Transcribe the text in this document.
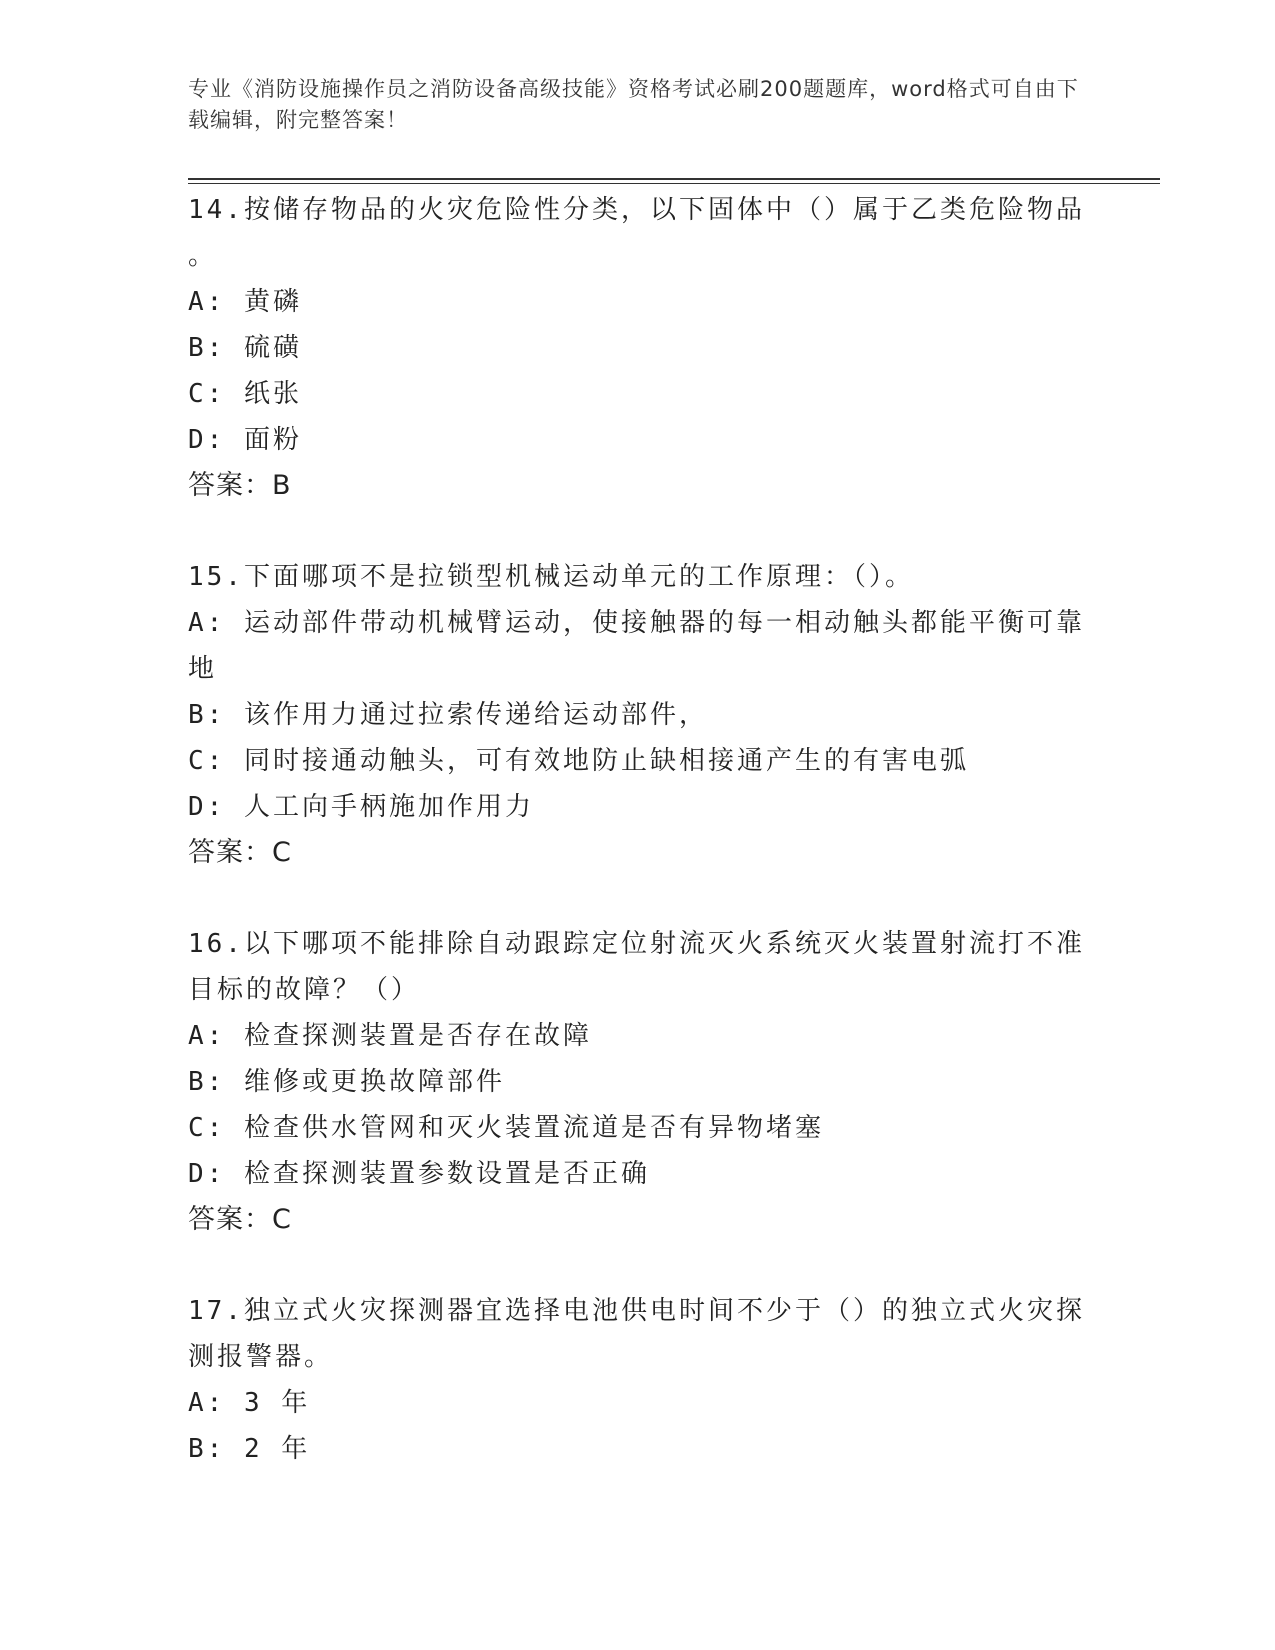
专业《消防设施操作员之消防设备高级技能》资格考试必刷200题题库，word格式可自由下载编辑，附完整答案！
14.按储存物品的火灾危险性分类，以下固体中（）属于乙类危险物品
。
A: 黄磷
B: 硫磺
C: 纸张
D: 面粉
答案：B
15.下面哪项不是拉锁型机械运动单元的工作原理：（）。
A: 运动部件带动机械臂运动，使接触器的每一相动触头都能平衡可靠
地
B: 该作用力通过拉索传递给运动部件，
C: 同时接通动触头，可有效地防止缺相接通产生的有害电弧
D: 人工向手柄施加作用力
答案：C
16.以下哪项不能排除自动跟踪定位射流灭火系统灭火装置射流打不准
目标的故障？（）
A: 检查探测装置是否存在故障
B: 维修或更换故障部件
C: 检查供水管网和灭火装置流道是否有异物堵塞
D: 检查探测装置参数设置是否正确
答案：C
17.独立式火灾探测器宜选择电池供电时间不少于（）的独立式火灾探
测报警器。
A: 3 年
B: 2 年
